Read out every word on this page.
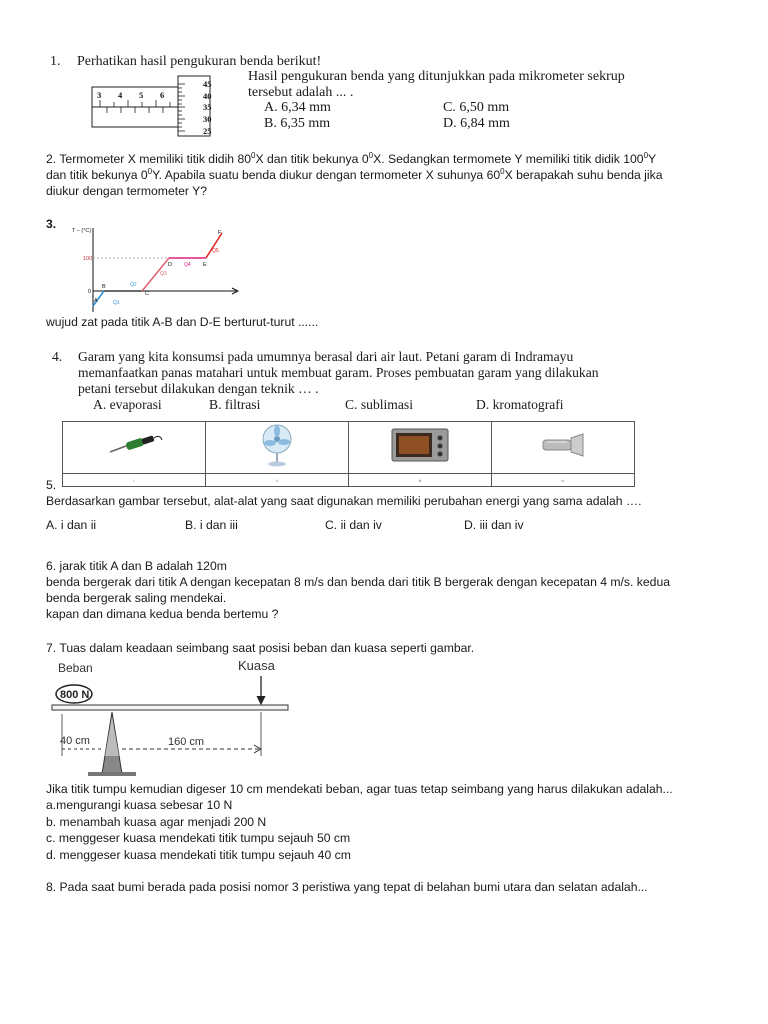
1. Perhatikan hasil pengukuran benda berikut!
3 4 5 6
45
40
35
30
25
Hasil pengukuran benda yang ditunjukkan pada mikrometer sekrup
tersebut adalah ... .
A. 6,34 mm
B. 6,35 mm
C. 6,50 mm
D. 6,84 mm

2. Termometer X memiliki titik didih $80^0X$ dan titik bekunya $0^0X$. Sedangkan termomete Y memiliki titik didik $100^0Y$

dan titik bekunya $0^0Y$. Apabila suatu benda diukur dengan termometer X suhunya $60^0X$ berapakah suhu benda jika

diukur dengan termometer Y?

3.	T – (°C)
100
0
A
B
C
D	E
F
Q1
Q2
Q3
Q4
Q5

wujud zat pada titik A-B dan D-E berturut-turut ......

4. Garam yang kita konsumsi pada umumnya berasal dari air laut. Petani garam di Indramayu
memanfaatkan panas matahari untuk membuat garam. Proses pembuatan garam yang dilakukan
petani tersebut dilakukan dengan teknik … .
A. evaporasi	B. filtrasi	C. sublimasi	D. kromatografi

i	ii	iii	iv

5.

Berdasarkan gambar tersebut, alat-alat yang saat digunakan memiliki perubahan energi yang sama adalah ….

A. i dan ii	B. i dan iii	C. ii dan iv	D. iii dan iv

6. jarak titik A dan B adalah 120m

benda bergerak dari titik A dengan kecepatan 8 m/s dan benda dari titik B bergerak dengan kecepatan 4 m/s. kedua

benda bergerak saling mendekai.

kapan dan dimana kedua benda bertemu ?

7. Tuas dalam keadaan seimbang saat posisi beban dan kuasa seperti gambar.

Beban	Kuasa
800 N
40 cm	160 cm

Jika titik tumpu kemudian digeser 10 cm mendekati beban, agar tuas tetap seimbang yang harus dilakukan adalah...

a.mengurangi kuasa sebesar 10 N

b. menambah kuasa agar menjadi 200 N

c. menggeser kuasa mendekati titik tumpu sejauh 50 cm

d. menggeser kuasa mendekati titik tumpu sejauh 40 cm

8. Pada saat bumi berada pada posisi nomor 3 peristiwa yang tepat di belahan bumi utara dan selatan adalah...
